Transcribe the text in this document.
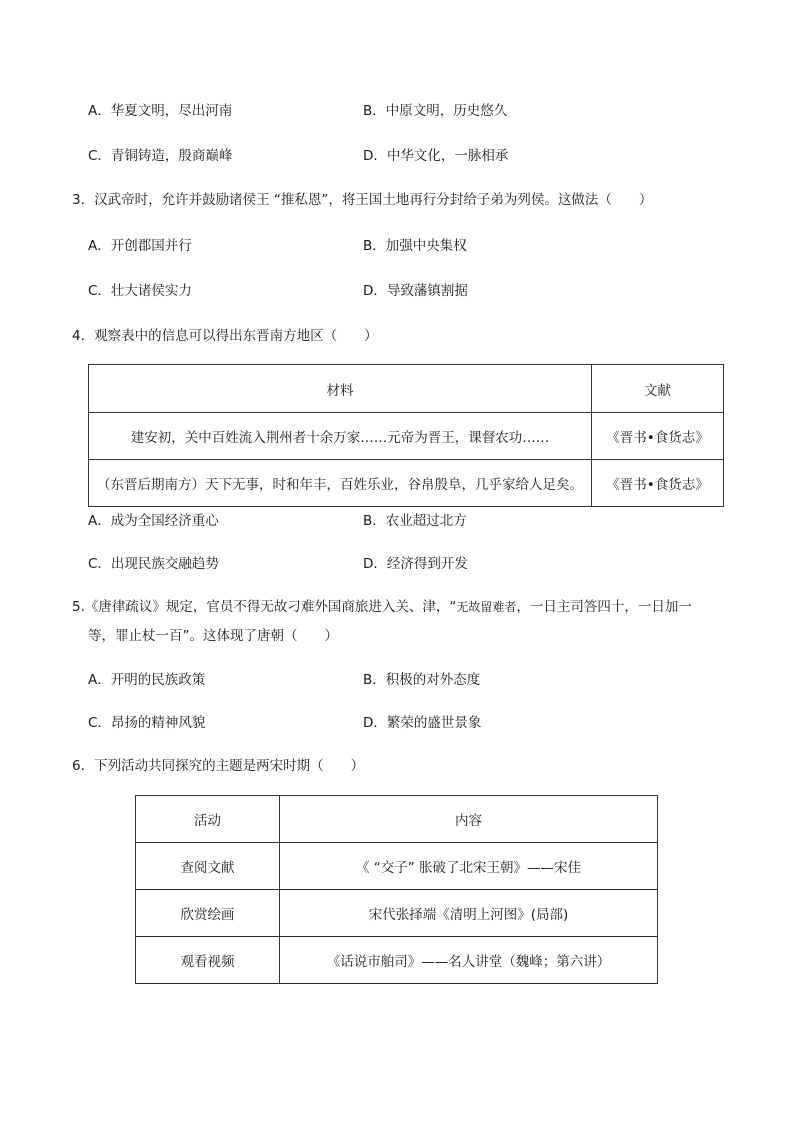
A．华夏文明，尽出河南	B．中原文明，历史悠久
C．青铜铸造，殷商巅峰	D．中华文化，一脉相承
3．汉武帝时，允许并鼓励诸侯王 “推私恩”，将王国土地再行分封给子弟为列侯。这做法（　　）
A．开创郡国并行	B．加强中央集权
C．壮大诸侯实力	D．导致藩镇割据
4．观察表中的信息可以得出东晋南方地区（　　）
材料	文献
建安初，关中百姓流入荆州者十余万家……元帝为晋王，课督农功……	《晋书•食货志》
（东晋后期南方）天下无事，时和年丰，百姓乐业，谷帛殷阜，几乎家给人足矣。	《晋书•食货志》
A．成为全国经济重心	B．农业超过北方
C．出现民族交融趋势	D．经济得到开发
5.《唐律疏议》规定，官员不得无故刁难外国商旅进入关、津，“无故留难者，一日主司答四十，一日加一
等，罪止杖一百”。这体现了唐朝（　　）
A．开明的民族政策	B．积极的对外态度
C．昂扬的精神风貌	D．繁荣的盛世景象
6．下列活动共同探究的主题是两宋时期（　　）
活动	内容
查阅文献	《 “交子” 胀破了北宋王朝》——宋佳
欣赏绘画	宋代张择端《清明上河图》(局部)
观看视频	《话说市舶司》——名人讲堂（魏峰；第六讲）
